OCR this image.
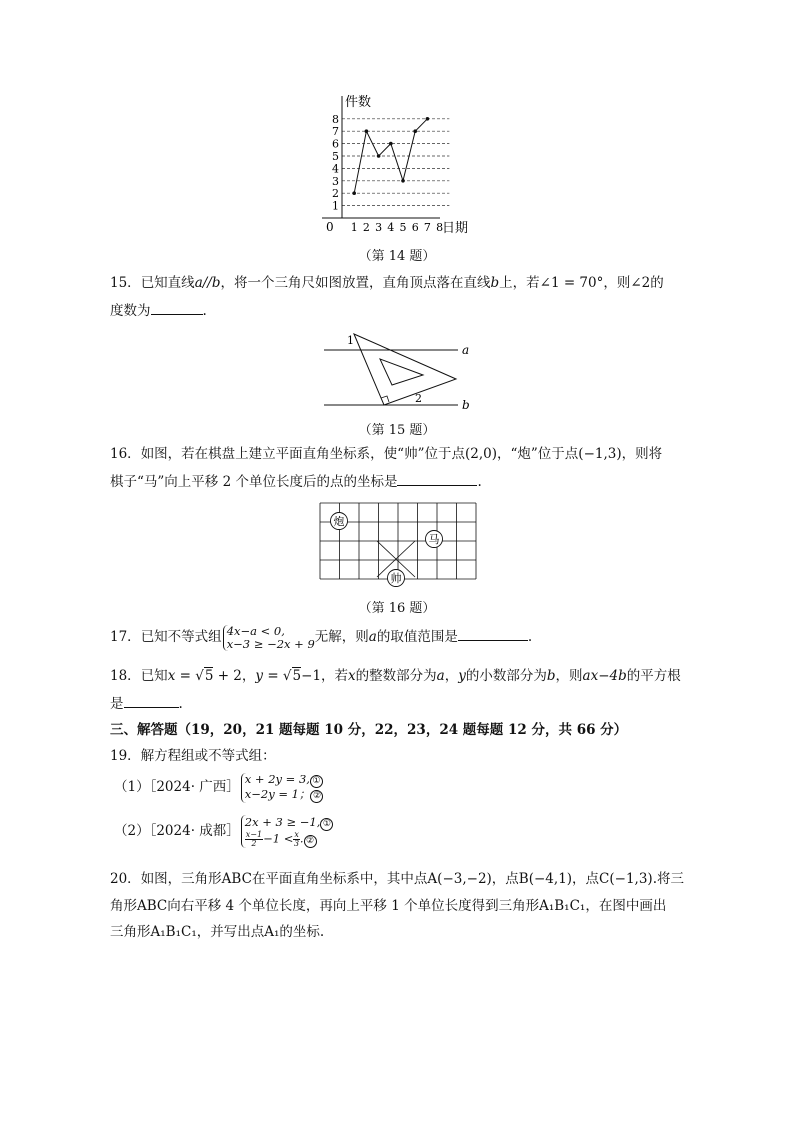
件数
日期
0
1
2
3
4
5
6
7
8
1 2 3 4 5 6 7 8
（第 14 题）
15．已知直线a//b，将一个三角尺如图放置，直角顶点落在直线b上，若∠1 = 70°，则∠2的
度数为	.
1
2
a
b
（第 15 题）
16．如图，若在棋盘上建立平面直角坐标系，使“帅”位于点(2,0)，“炮”位于点(−1,3)，则将
棋子“马”向上平移 2 个单位长度后的点的坐标是	.
炮
马
帅
（第 16 题）
17．已知不等式组 4x−a < 0,
x−3 ≥ −2x + 9无解，则a的取值范围是	.
18．已知x = √5 + 2，y = √5−1，若x的整数部分为a，y的小数部分为b，则ax−4b的平方根
是	.
三、解答题（19，20，21 题每题 10 分，22，23，24 题每题 12 分，共 66 分）
19．解方程组或不等式组：
（1）［2024· 广西］x + 2y = 3, ①
x−2y = 1； ②
（2）［2024· 成都］2x + 3 ≥ −1, ①

$\frac{x-1}{2} -1 < \frac{x}{3}$ . ②
20．如图，三角形ABC在平面直角坐标系中，其中点A(−3,−2)，点B(−4,1)，点C(−1,3).将三
角形ABC向右平移 4 个单位长度，再向上平移 1 个单位长度得到三角形A₁B₁C₁，在图中画出
三角形A₁B₁C₁，并写出点A₁的坐标.
